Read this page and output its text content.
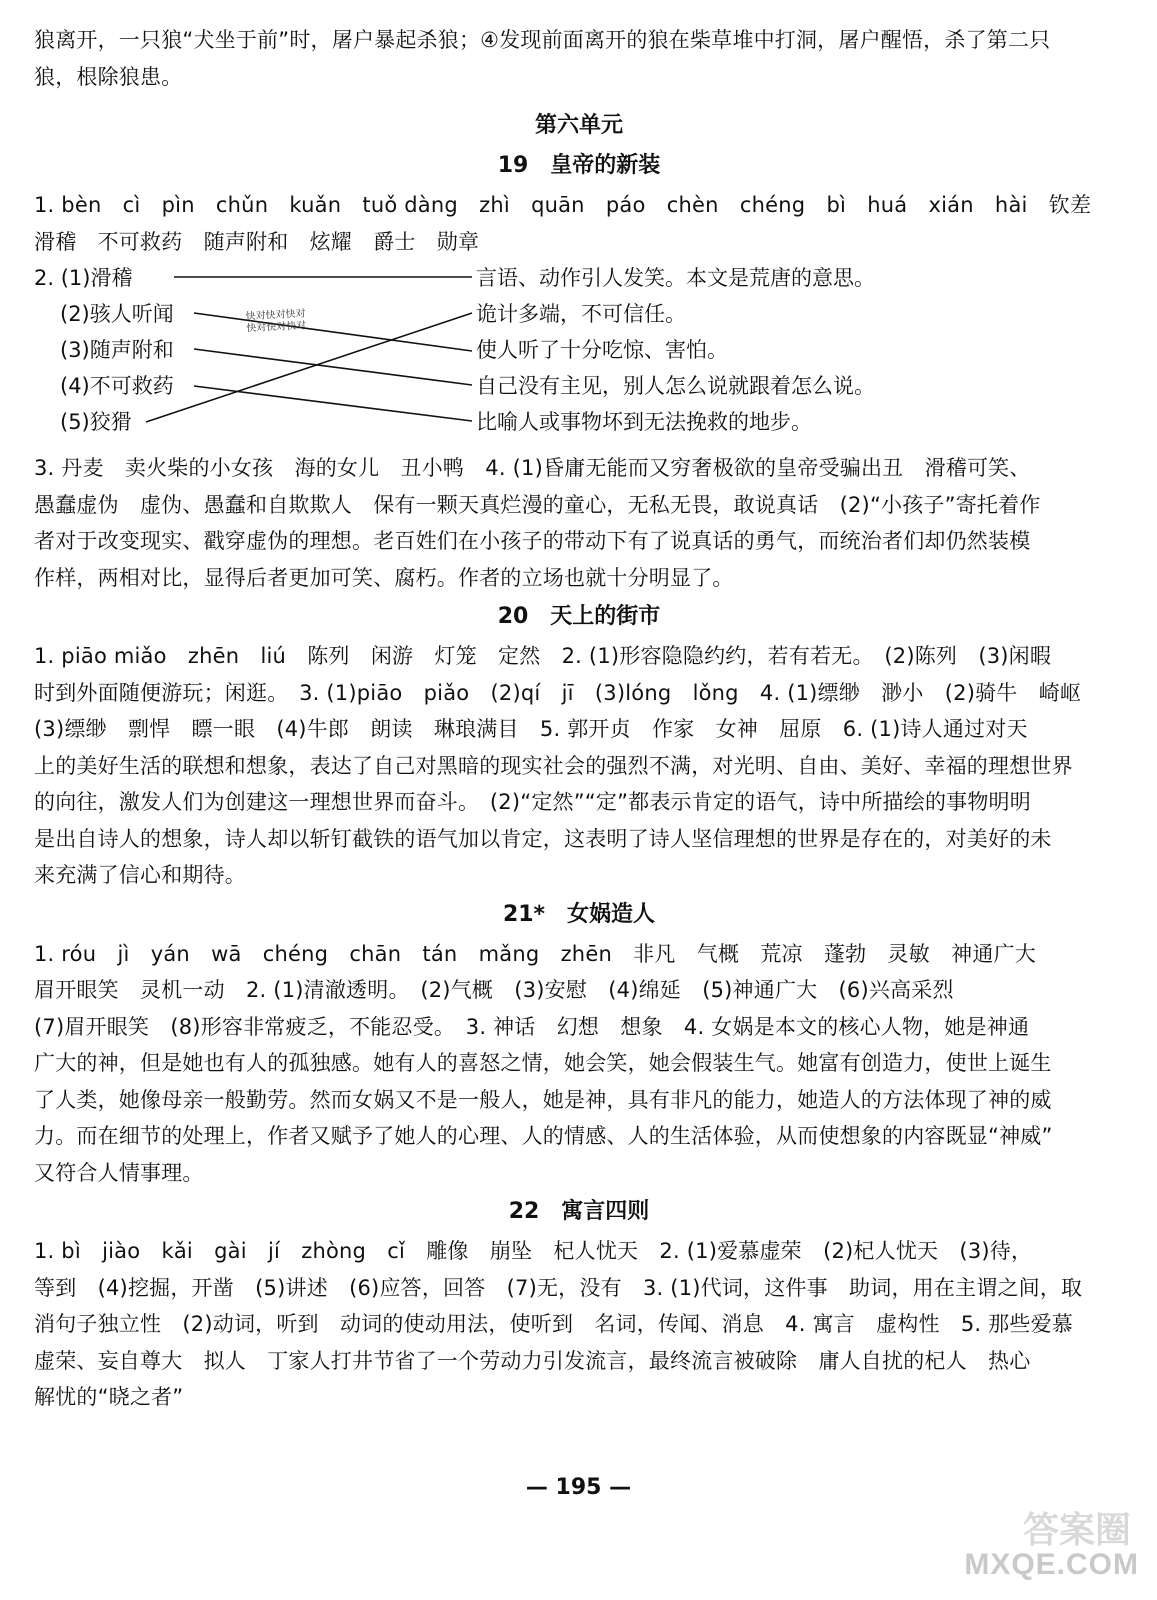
狼离开，一只狼“犬坐于前”时，屠户暴起杀狼；④发现前面离开的狼在柴草堆中打洞，屠户醒悟，杀了第二只
狼，根除狼患。
第六单元
19　皇帝的新装
1. bèn　cì　pìn　chǔn　kuǎn　tuǒ dàng　zhì　quān　páo　chèn　chéng　bì　huá　xián　hài　钦差
滑稽　不可救药　随声附和　炫耀　爵士　勋章
快对快对快对
快对快对快对
2. (1)滑稽
(2)骇人听闻
(3)随声附和
(4)不可救药
(5)狡猾
言语、动作引人发笑。本文是荒唐的意思。
诡计多端，不可信任。
使人听了十分吃惊、害怕。
自己没有主见，别人怎么说就跟着怎么说。
比喻人或事物坏到无法挽救的地步。
3. 丹麦　卖火柴的小女孩　海的女儿　丑小鸭　4. (1)昏庸无能而又穷奢极欲的皇帝受骗出丑　滑稽可笑、
愚蠢虚伪　虚伪、愚蠢和自欺欺人　保有一颗天真烂漫的童心，无私无畏，敢说真话　(2)“小孩子”寄托着作
者对于改变现实、戳穿虚伪的理想。老百姓们在小孩子的带动下有了说真话的勇气，而统治者们却仍然装模
作样，两相对比，显得后者更加可笑、腐朽。作者的立场也就十分明显了。
20　天上的街市
1. piāo miǎo　zhēn　liú　陈列　闲游　灯笼　定然　2. (1)形容隐隐约约，若有若无。　(2)陈列　(3)闲暇
时到外面随便游玩；闲逛。　3. (1)piāo　piǎo　(2)qí　jī　(3)lóng　lǒng　4. (1)缥缈　渺小　(2)骑牛　崎岖
(3)缥缈　剽悍　瞟一眼　(4)牛郎　朗读　琳琅满目　5. 郭开贞　作家　女神　屈原　6. (1)诗人通过对天
上的美好生活的联想和想象，表达了自己对黑暗的现实社会的强烈不满，对光明、自由、美好、幸福的理想世界
的向往，激发人们为创建这一理想世界而奋斗。　(2)“定然”“定”都表示肯定的语气，诗中所描绘的事物明明
是出自诗人的想象，诗人却以斩钉截铁的语气加以肯定，这表明了诗人坚信理想的世界是存在的，对美好的未
来充满了信心和期待。
21*　女娲造人
1. róu　jì　yán　wā　chéng　chān　tán　mǎng　zhēn　非凡　气概　荒凉　蓬勃　灵敏　神通广大
眉开眼笑　灵机一动　2. (1)清澈透明。　(2)气概　(3)安慰　(4)绵延　(5)神通广大　(6)兴高采烈
(7)眉开眼笑　(8)形容非常疲乏，不能忍受。　3. 神话　幻想　想象　4. 女娲是本文的核心人物，她是神通
广大的神，但是她也有人的孤独感。她有人的喜怒之情，她会笑，她会假装生气。她富有创造力，使世上诞生
了人类，她像母亲一般勤劳。然而女娲又不是一般人，她是神，具有非凡的能力，她造人的方法体现了神的威
力。而在细节的处理上，作者又赋予了她人的心理、人的情感、人的生活体验，从而使想象的内容既显“神威”
又符合人情事理。
22　寓言四则
1. bì　jiào　kǎi　gài　jí　zhòng　cǐ　雕像　崩坠　杞人忧天　2. (1)爱慕虚荣　(2)杞人忧天　(3)待，
等到　(4)挖掘，开凿　(5)讲述　(6)应答，回答　(7)无，没有　3. (1)代词，这件事　助词，用在主谓之间，取
消句子独立性　(2)动词，听到　动词的使动用法，使听到　名词，传闻、消息　4. 寓言　虚构性　5. 那些爱慕
虚荣、妄自尊大　拟人　丁家人打井节省了一个劳动力引发流言，最终流言被破除　庸人自扰的杞人　热心
解忧的“晓之者”
— 195 —
答案圈
MXQE.COM
